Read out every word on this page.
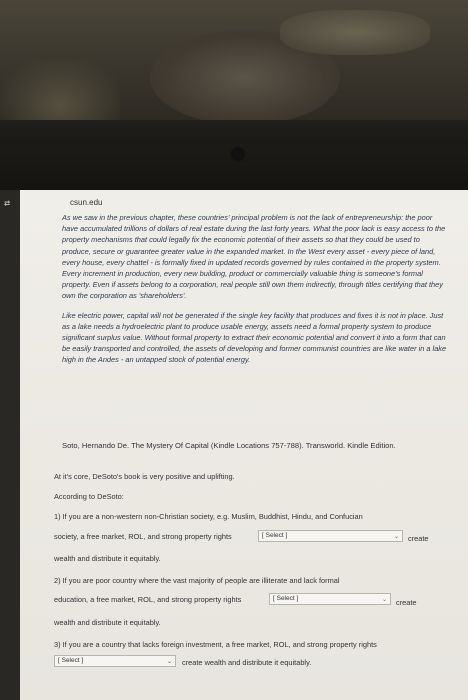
⇄	csun.edu

As we saw in the previous chapter, these countries' principal problem is not the lack of entrepreneurship: the poor have accumulated trillions of dollars of real estate during the last forty years. What the poor lack is easy access to the property mechanisms that could legally fix the economic potential of their assets so that they could be used to produce, secure or guarantee greater value in the expanded market. In the West every asset - every piece of land, every house, every chattel - is formally fixed in updated records governed by rules contained in the property system. Every increment in production, every new building, product or commercially valuable thing is someone's formal property. Even if assets belong to a corporation, real people still own them indirectly, through titles certifying that they own the corporation as 'shareholders'.

Like electric power, capital will not be generated if the single key facility that produces and fixes it is not in place. Just as a lake needs a hydroelectric plant to produce usable energy, assets need a formal property system to produce significant surplus value. Without formal property to extract their economic potential and convert it into a form that can be easily transported and controlled, the assets of developing and former communist countries are like water in a lake high in the Andes - an untapped stock of potential energy.

Soto, Hernando De. The Mystery Of Capital (Kindle Locations 757-788). Transworld. Kindle Edition.
At it's core, DeSoto's book is very positive and uplifting.
According to DeSoto:
1) If you are a non-western non-Christian society, e.g. Muslim, Buddhist, Hindu, and Confucian
society, a free market, ROL, and strong property rights	[ Select ]	⌄ create
wealth and distribute it equitably.
2) If you are poor country where the vast majority of people are illiterate and lack formal
education, a free market, ROL, and strong property rights	[ Select ]	⌄ create
wealth and distribute it equitably.
3) If you are a country that lacks foreign investment, a free market, ROL, and strong property rights
[ Select ]	⌄ create wealth and distribute it equitably.
